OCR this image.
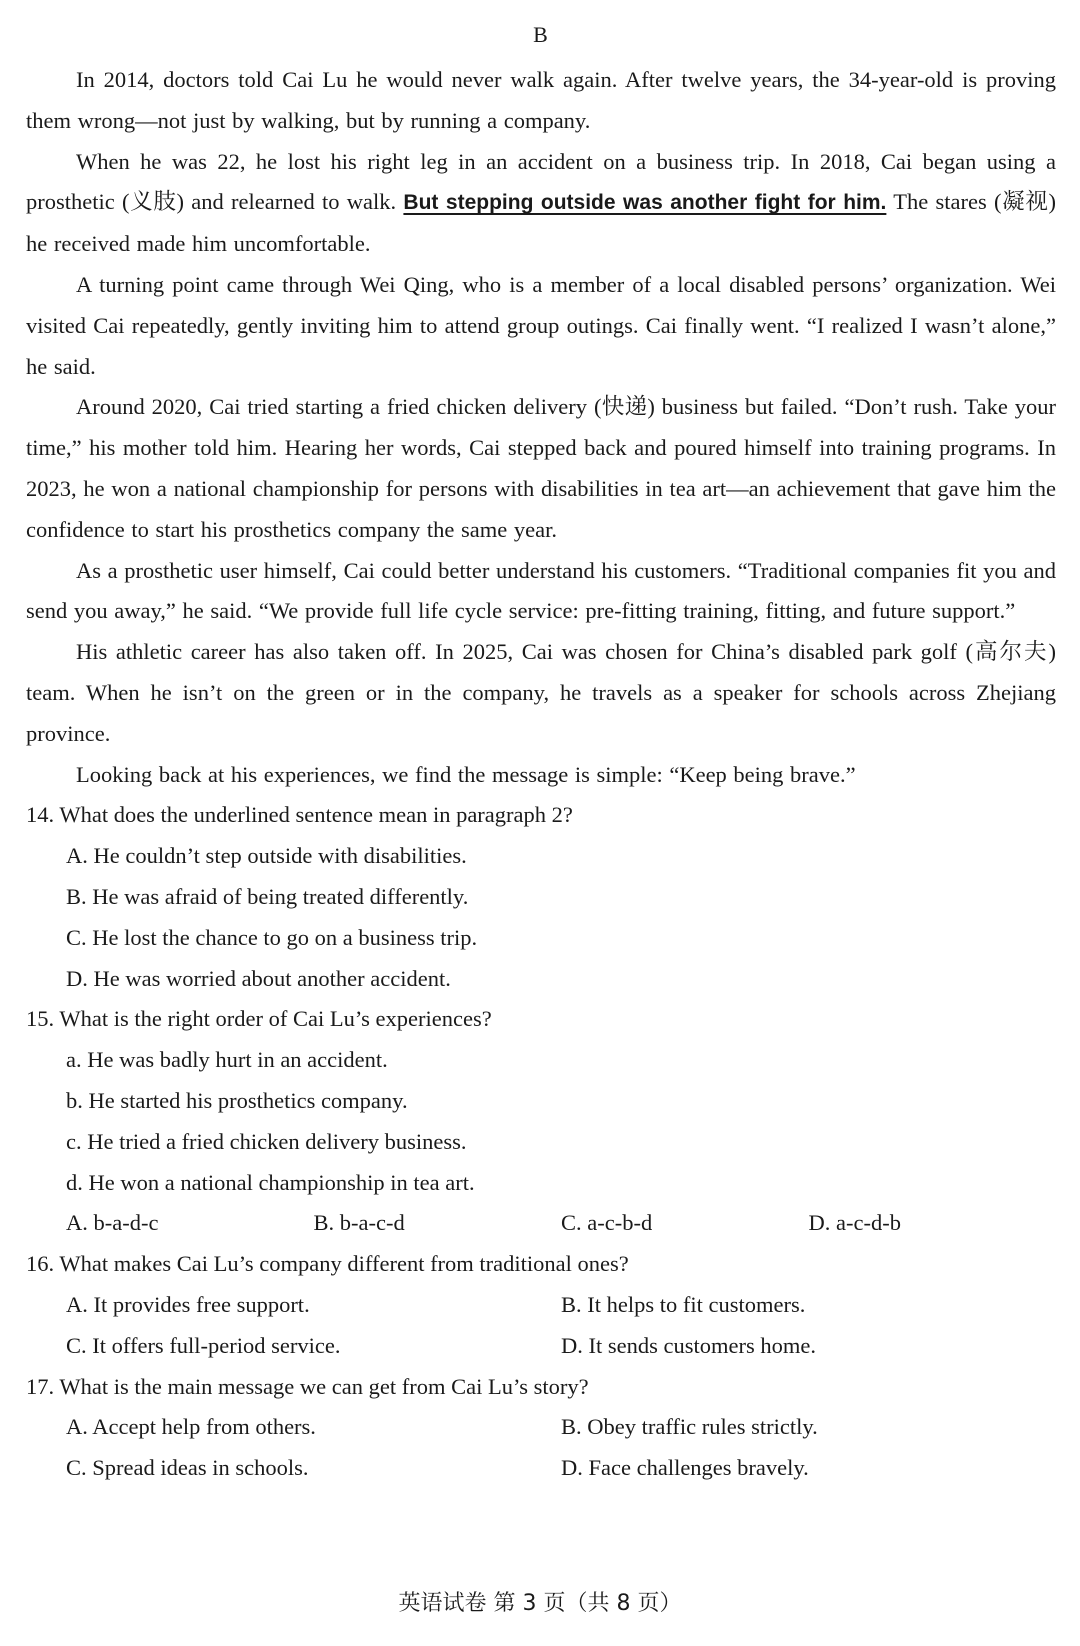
B

In 2014, doctors told Cai Lu he would never walk again. After twelve years, the 34-year-old is proving them wrong—not just by walking, but by running a company.

When he was 22, he lost his right leg in an accident on a business trip. In 2018, Cai began using a prosthetic (义肢) and relearned to walk. But stepping outside was another fight for him. The stares (凝视) he received made him uncomfortable.

A turning point came through Wei Qing, who is a member of a local disabled persons’ organization. Wei visited Cai repeatedly, gently inviting him to attend group outings. Cai finally went. “I realized I wasn’t alone,” he said.

Around 2020, Cai tried starting a fried chicken delivery (快递) business but failed. “Don’t rush. Take your time,” his mother told him. Hearing her words, Cai stepped back and poured himself into training programs. In 2023, he won a national championship for persons with disabilities in tea art—an achievement that gave him the confidence to start his prosthetics company the same year.

As a prosthetic user himself, Cai could better understand his customers. “Traditional companies fit you and send you away,” he said. “We provide full life cycle service: pre-fitting training, fitting, and future support.”

His athletic career has also taken off. In 2025, Cai was chosen for China’s disabled park golf (高尔夫) team. When he isn’t on the green or in the company, he travels as a speaker for schools across Zhejiang province.

Looking back at his experiences, we find the message is simple: “Keep being brave.”

14. What does the underlined sentence mean in paragraph 2?

A. He couldn’t step outside with disabilities.

B. He was afraid of being treated differently.

C. He lost the chance to go on a business trip.

D. He was worried about another accident.

15. What is the right order of Cai Lu’s experiences?

a. He was badly hurt in an accident.

b. He started his prosthetics company.

c. He tried a fried chicken delivery business.

d. He won a national championship in tea art.

A. b-a-d-c	B. b-a-c-d	C. a-c-b-d	D. a-c-d-b

16. What makes Cai Lu’s company different from traditional ones?

A. It provides free support.	B. It helps to fit customers.
C. It offers full-period service.	D. It sends customers home.

17. What is the main message we can get from Cai Lu’s story?

A. Accept help from others.	B. Obey traffic rules strictly.
C. Spread ideas in schools.	D. Face challenges bravely.
英语试卷 第 3 页（共 8 页）
